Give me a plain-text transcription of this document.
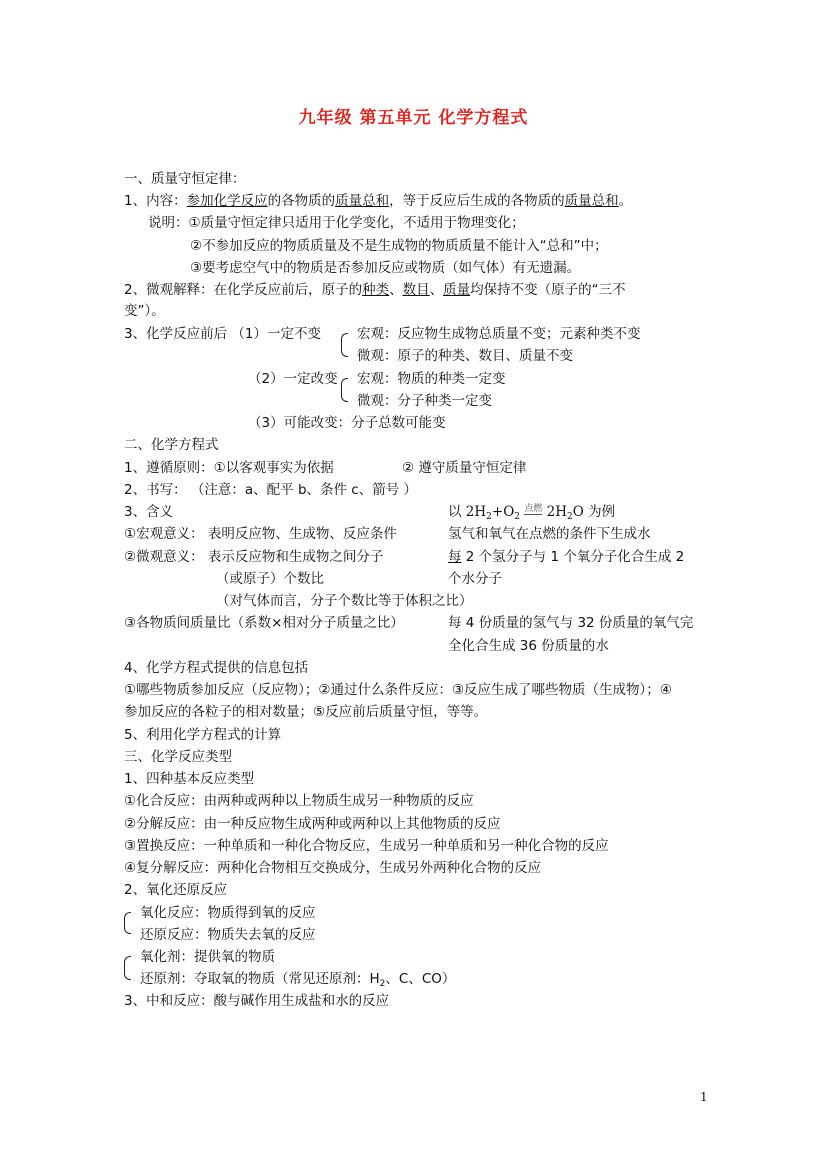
九年级 第五单元 化学方程式
一、质量守恒定律：
1、内容：参加化学反应的各物质的质量总和，等于反应后生成的各物质的质量总和。
说明：①质量守恒定律只适用于化学变化，不适用于物理变化；
②不参加反应的物质质量及不是生成物的物质质量不能计入“总和”中；
③要考虑空气中的物质是否参加反应或物质（如气体）有无遗漏。
2、微观解释：在化学反应前后，原子的种类、数目、质量均保持不变（原子的“三不
变”）。
3、化学反应前后 （1）一定不变	宏观：反应物生成物总质量不变；元素种类不变
微观：原子的种类、数目、质量不变
（2）一定改变 宏观：物质的种类一定变
微观：分子种类一定变
（3）可能改变：分子总数可能变
二、化学方程式
1、遵循原则：①以客观事实为依据	② 遵守质量守恒定律
2、书写： （注意：a、配平 b、条件 c、箭号 ）
3、含义	以 $2H_2+O_2$ $^{点燃}$ $2H_2O$ 为例
①宏观意义： 表明反应物、生成物、反应条件	氢气和氧气在点燃的条件下生成水
②微观意义： 表示反应物和生成物之间分子	每 2 个氢分子与 1 个氧分子化合生成 2
（或原子）个数比	个水分子
（对气体而言，分子个数比等于体积之比）
③各物质间质量比（系数×相对分子质量之比）	每 4 份质量的氢气与 32 份质量的氧气完
全化合生成 36 份质量的水
4、化学方程式提供的信息包括
①哪些物质参加反应（反应物）；②通过什么条件反应：③反应生成了哪些物质（生成物）；④
参加反应的各粒子的相对数量；⑤反应前后质量守恒，等等。
5、利用化学方程式的计算
三、化学反应类型
1、四种基本反应类型
①化合反应：由两种或两种以上物质生成另一种物质的反应
②分解反应：由一种反应物生成两种或两种以上其他物质的反应
③置换反应：一种单质和一种化合物反应，生成另一种单质和另一种化合物的反应
④复分解反应：两种化合物相互交换成分，生成另外两种化合物的反应
2、氧化还原反应
氧化反应：物质得到氧的反应
还原反应：物质失去氧的反应
氧化剂：提供氧的物质
还原剂：夺取氧的物质（常见还原剂：$H_2$、C、CO）
3、中和反应：酸与碱作用生成盐和水的反应
1
